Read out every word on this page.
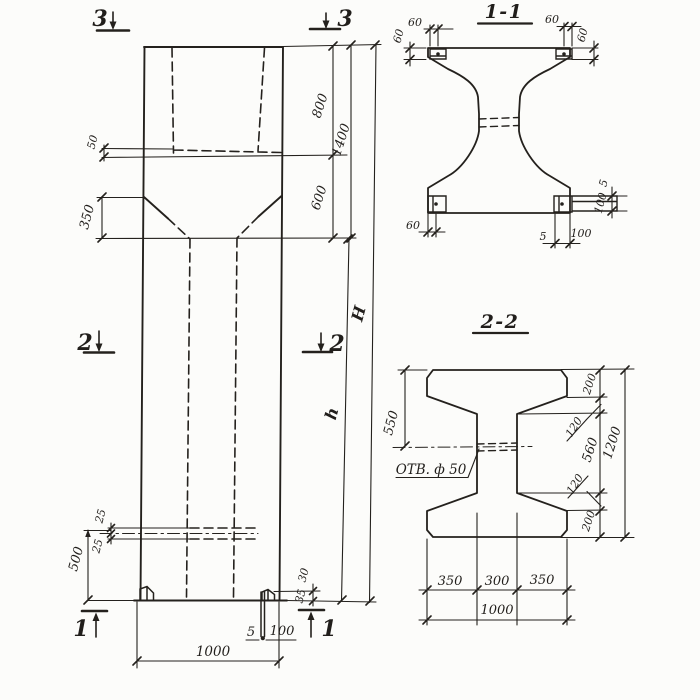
3	3
2	2
1	1
50
350
800
1400
600
H
h
25
25
500
30
35
5 100
1000
1-1
60
60
60
60
60
5 100
5
100
2-2
ОТВ. ф 50
550
200
120
560
120
200
1200
350 300 350
1000
